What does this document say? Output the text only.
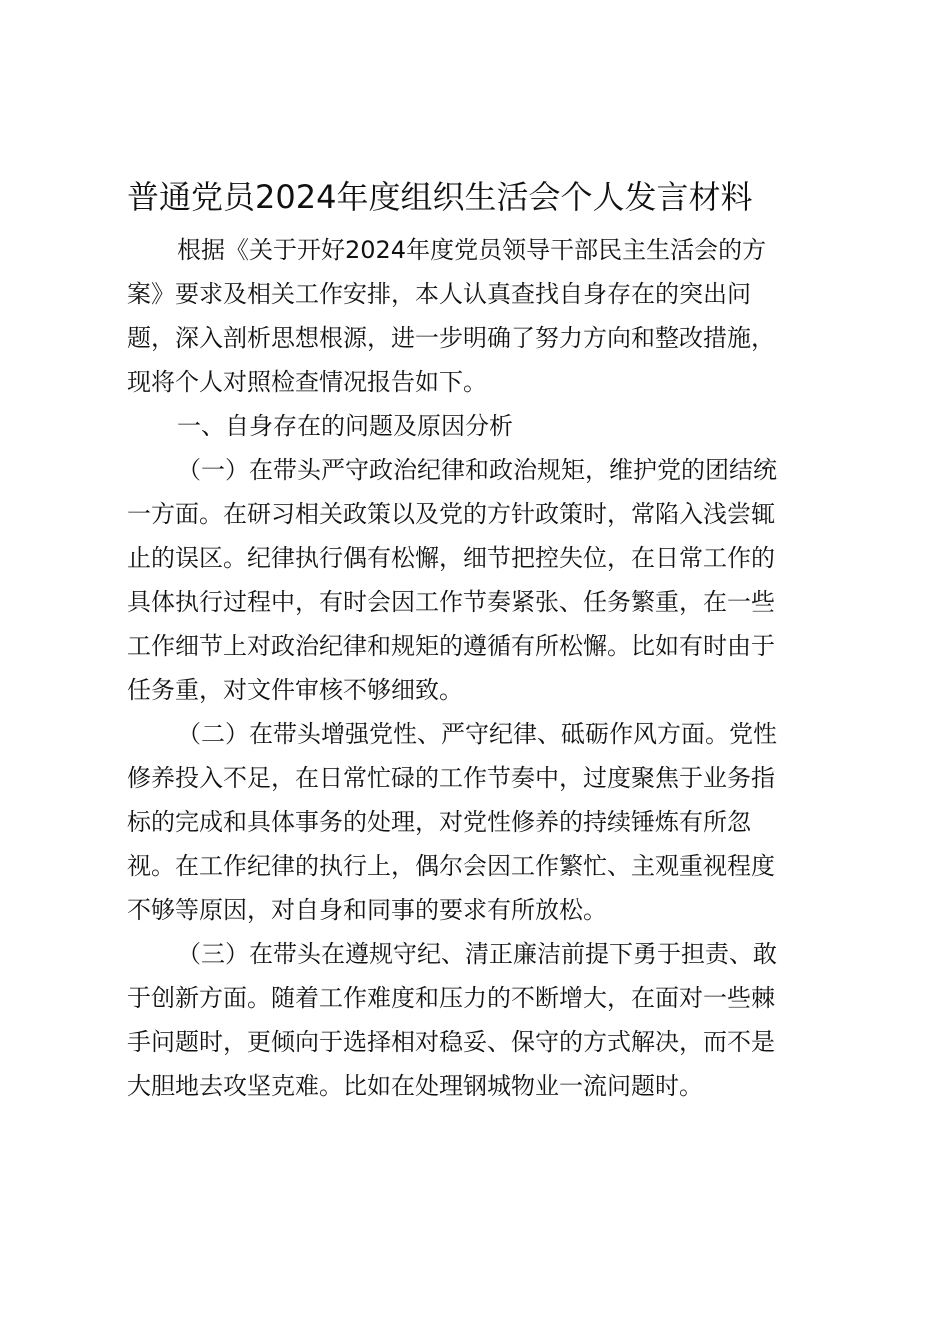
普通党员2024年度组织生活会个人发言材料

根据《关于开好2024年度党员领导干部民主生活会的方
案》要求及相关工作安排，本人认真查找自身存在的突出问
题，深入剖析思想根源，进一步明确了努力方向和整改措施，
现将个人对照检查情况报告如下。

一、自身存在的问题及原因分析

（一）在带头严守政治纪律和政治规矩，维护党的团结统
一方面。在研习相关政策以及党的方针政策时，常陷入浅尝辄
止的误区。纪律执行偶有松懈，细节把控失位，在日常工作的
具体执行过程中，有时会因工作节奏紧张、任务繁重，在一些
工作细节上对政治纪律和规矩的遵循有所松懈。比如有时由于
任务重，对文件审核不够细致。

（二）在带头增强党性、严守纪律、砥砺作风方面。党性
修养投入不足，在日常忙碌的工作节奏中，过度聚焦于业务指
标的完成和具体事务的处理，对党性修养的持续锤炼有所忽
视。在工作纪律的执行上，偶尔会因工作繁忙、主观重视程度
不够等原因，对自身和同事的要求有所放松。

（三）在带头在遵规守纪、清正廉洁前提下勇于担责、敢
于创新方面。随着工作难度和压力的不断增大，在面对一些棘
手问题时，更倾向于选择相对稳妥、保守的方式解决，而不是
大胆地去攻坚克难。比如在处理钢城物业一流问题时。
